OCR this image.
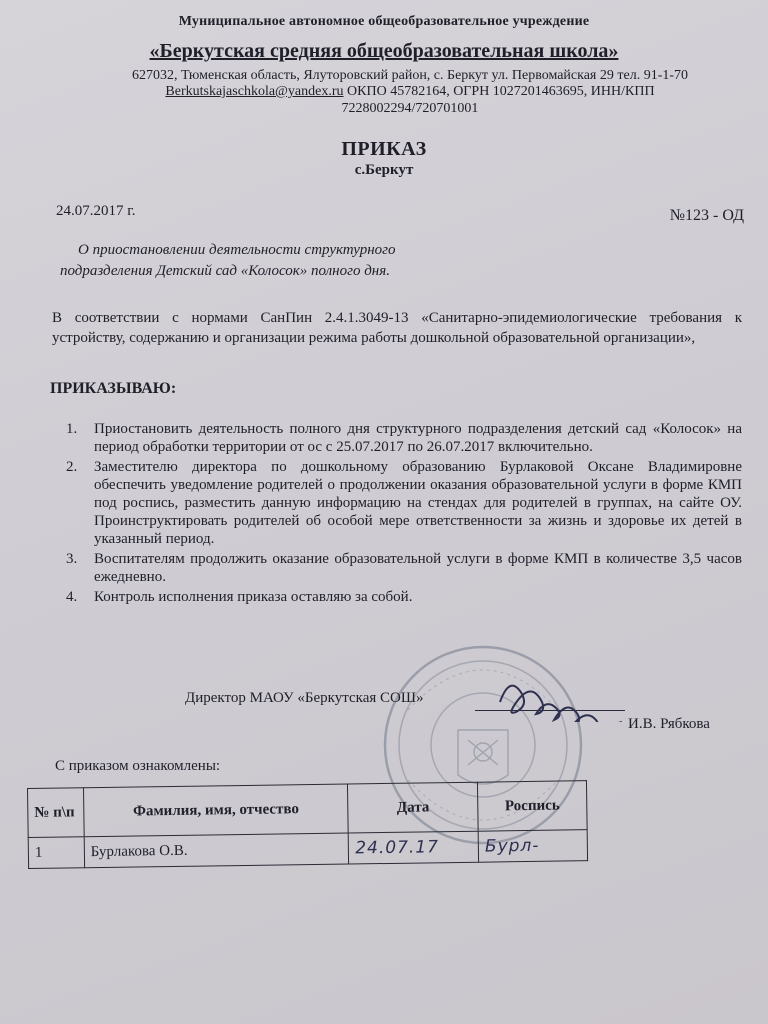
Муниципальное автономное общеобразовательное учреждение
«Беркутская средняя общеобразовательная школа»
627032, Тюменская область, Ялуторовский район, с. Беркут ул. Первомайская 29 тел. 91-1-70
Berkutskajaschkola@yandex.ru ОКПО 45782164, ОГРН 1027201463695, ИНН/КПП
7228002294/720701001
ПРИКАЗ
с.Беркут
24.07.2017 г.	№123 - ОД
О приостановлении деятельности структурного подразделения Детский сад «Колосок» полного дня.
В соответствии с нормами СанПин 2.4.1.3049-13 «Санитарно-эпидемиологические требования к устройству, содержанию и организации режима работы дошкольной образовательной организации»,
ПРИКАЗЫВАЮ:
1. Приостановить деятельность полного дня структурного подразделения детский сад «Колосок» на период обработки территории от ос с 25.07.2017 по 26.07.2017 включительно.
2. Заместителю директора по дошкольному образованию Бурлаковой Оксане Владимировне обеспечить уведомление родителей о продолжении оказания образовательной услуги в форме КМП под роспись, разместить данную информацию на стендах для родителей в группах, на сайте ОУ. Проинструктировать родителей об особой мере ответственности за жизнь и здоровье их детей в указанный период.
3. Воспитателям продолжить оказание образовательной услуги в форме КМП в количестве 3,5 часов ежедневно.
4. Контроль исполнения приказа оставляю за собой.
Директор МАОУ «Беркутская СОШ»
И.В. Рябкова
С приказом ознакомлены:
№ п\п	Фамилия, имя, отчество	Дата	Роспись
1	Бурлакова О.В.	24.07.17	Бурл-
